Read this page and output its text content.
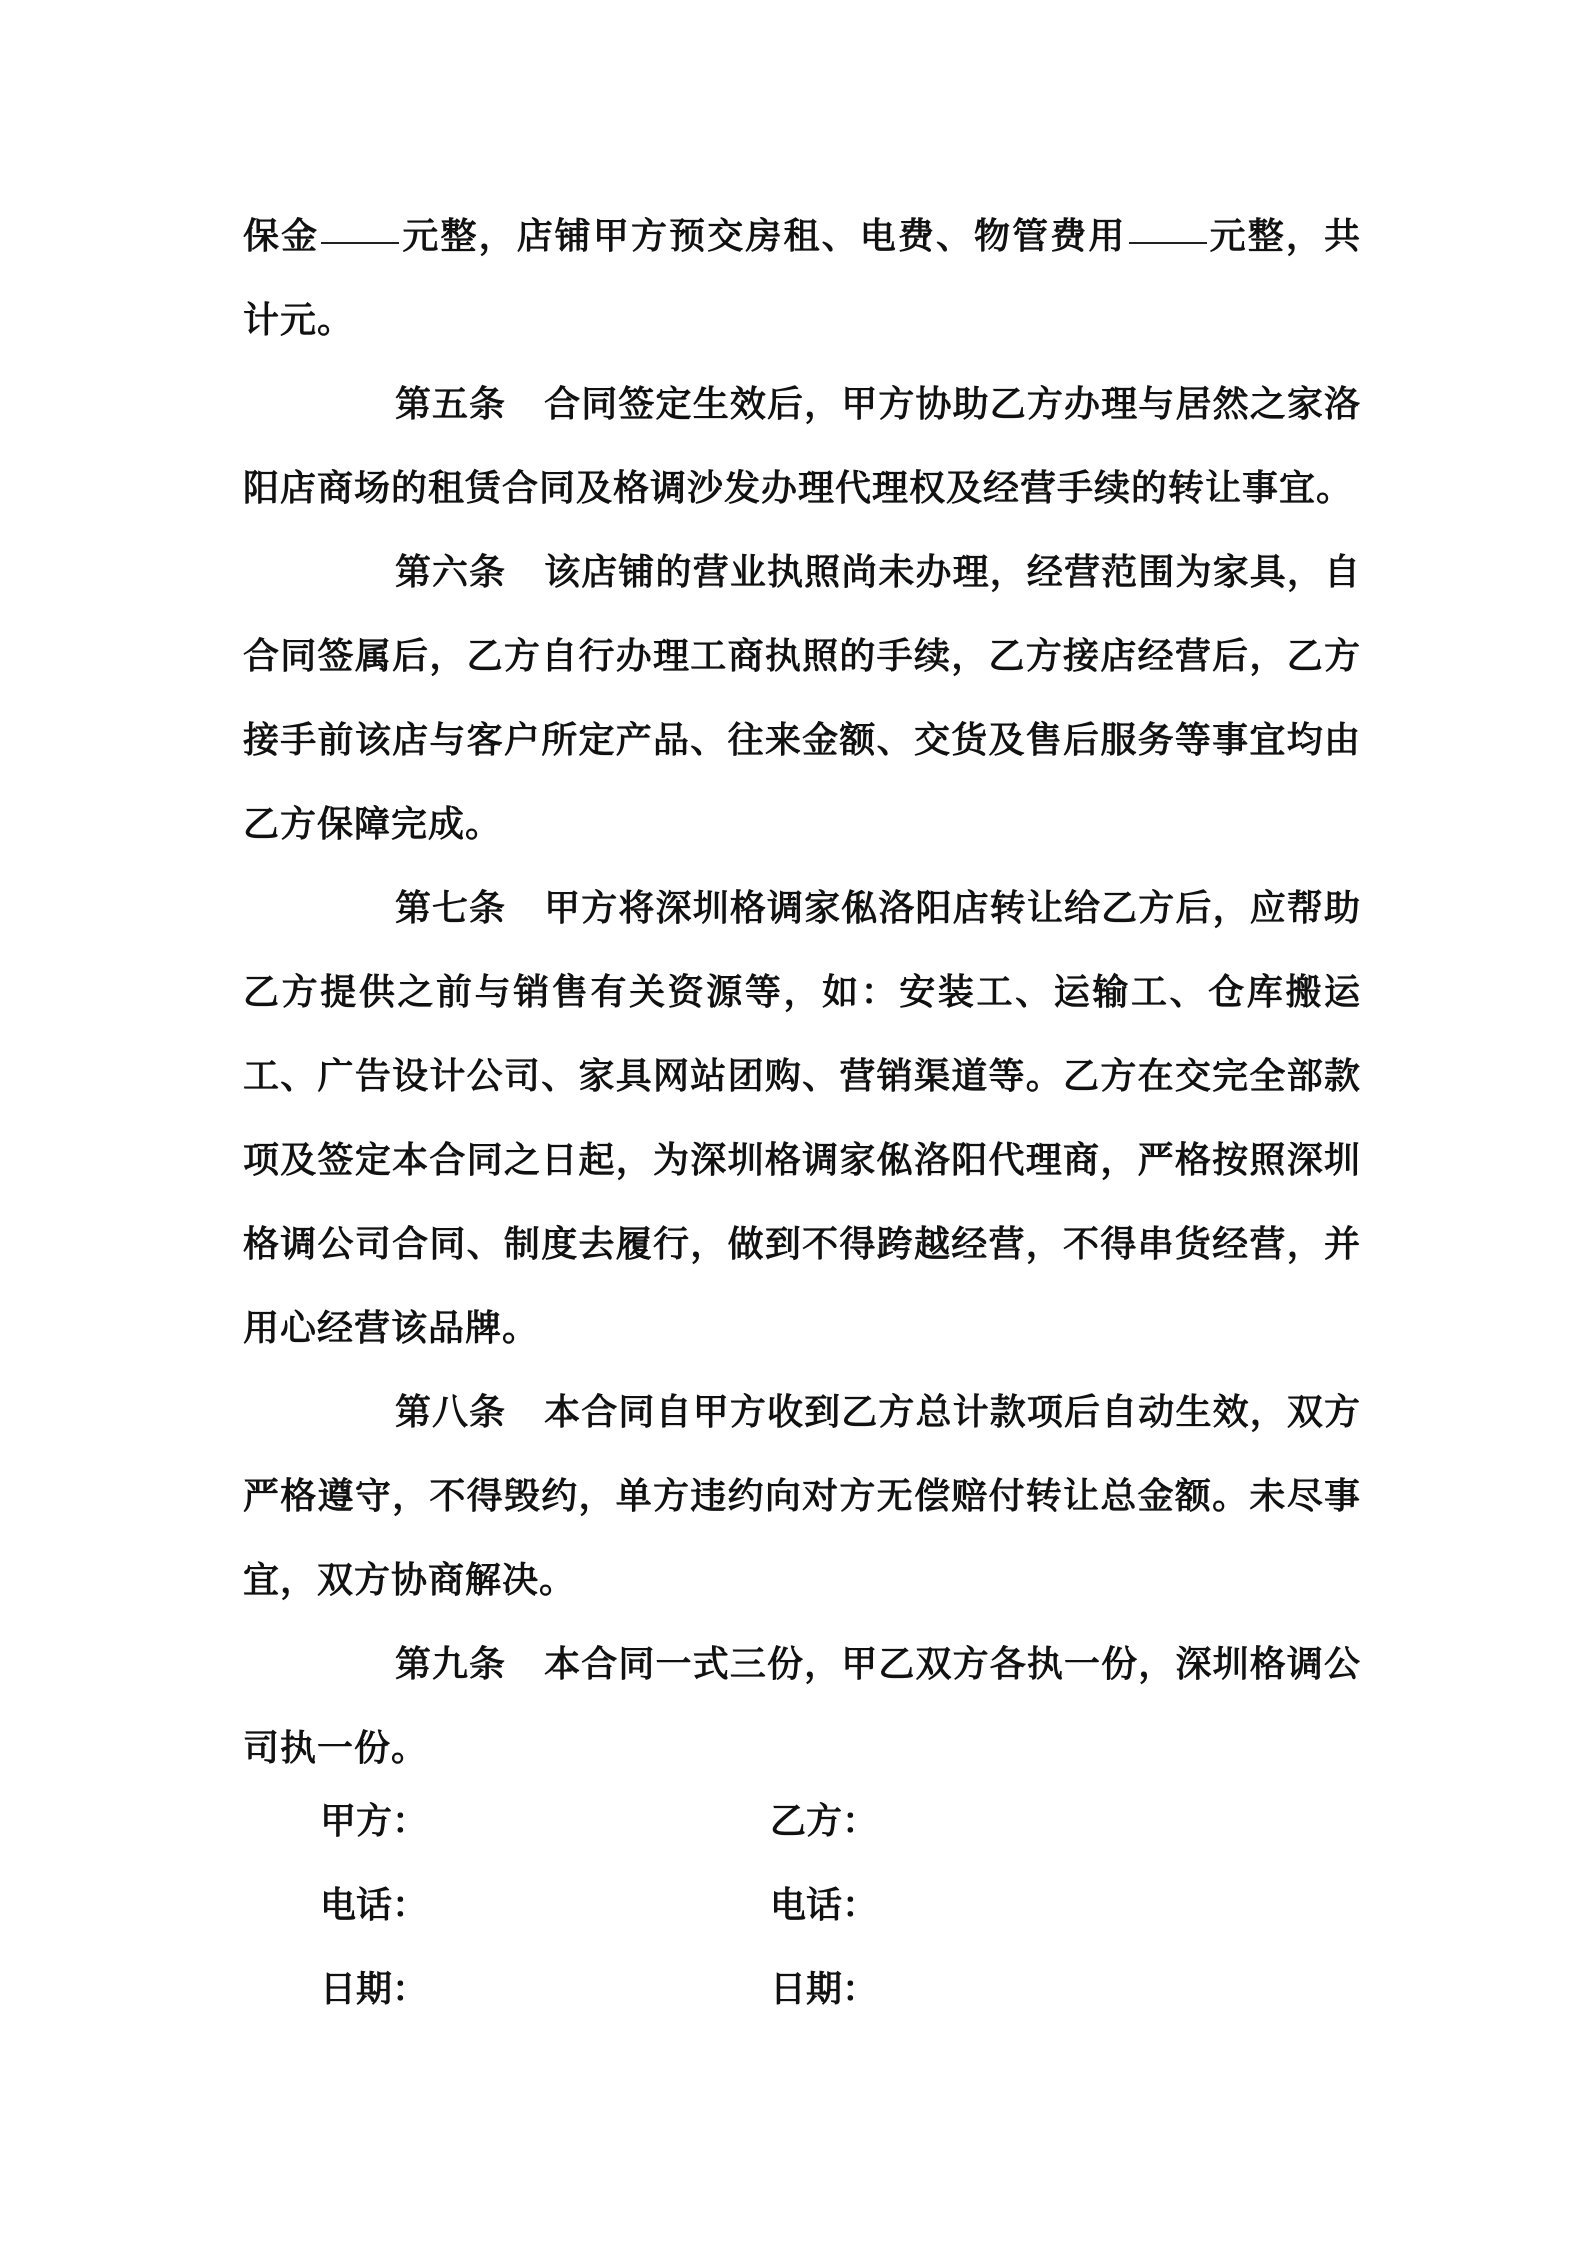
保金 元整，店铺甲方预交房租、电费、物管费用 元整，共计元。

第五条 合同签定生效后，甲方协助乙方办理与居然之家洛阳店商场的租赁合同及格调沙发办理代理权及经营手续的转让事宜。

第六条 该店铺的营业执照尚未办理，经营范围为家具，自合同签属后，乙方自行办理工商执照的手续，乙方接店经营后，乙方接手前该店与客户所定产品、往来金额、交货及售后服务等事宜均由乙方保障完成。

第七条 甲方将深圳格调家俬洛阳店转让给乙方后，应帮助乙方提供之前与销售有关资源等，如：安装工、运输工、仓库搬运工、广告设计公司、家具网站团购、营销渠道等。乙方在交完全部款项及签定本合同之日起，为深圳格调家俬洛阳代理商，严格按照深圳格调公司合同、制度去履行，做到不得跨越经营，不得串货经营，并用心经营该品牌。

第八条 本合同自甲方收到乙方总计款项后自动生效，双方严格遵守，不得毁约，单方违约向对方无偿赔付转让总金额。未尽事宜，双方协商解决。

第九条 本合同一式三份，甲乙双方各执一份，深圳格调公司执一份。

甲方：	乙方：
电话：	电话：
日期：	日期：
